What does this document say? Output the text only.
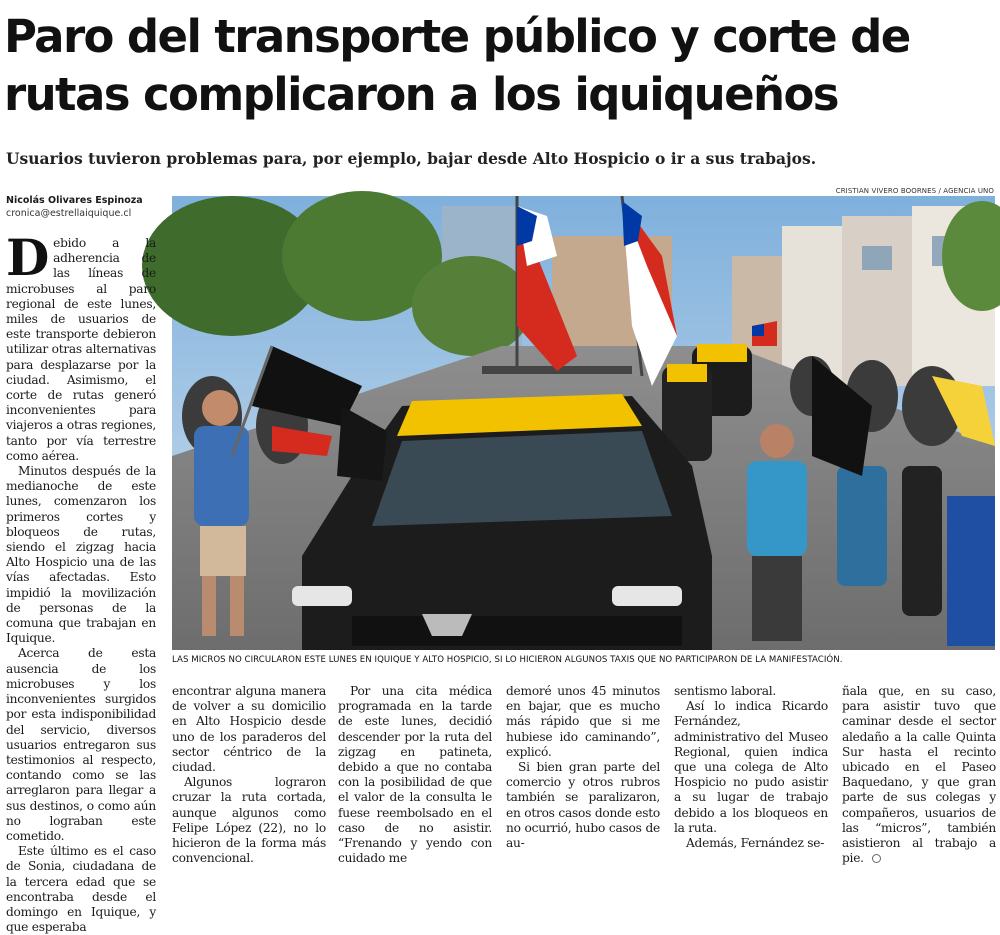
Paro del transporte público y corte de rutas complicaron a los iquiqueños
Usuarios tuvieron problemas para, por ejemplo, bajar desde Alto Hospicio o ir a sus trabajos.
Nicolás Olivares Espinoza
cronica@estrellaiquique.cl
CRISTIAN VIVERO BOORNES / AGENCIA UNO
LAS MICROS NO CIRCULARON ESTE LUNES EN IQUIQUE Y ALTO HOSPICIO, SI LO HICIERON ALGUNOS TAXIS QUE NO PARTICIPARON DE LA MANIFESTACIÓN.

Debido a la adherencia de las líneas de microbuses al paro regional de este lunes, miles de usuarios de este transporte debieron utilizar otras alternativas para desplazarse por la ciudad. Asimismo, el corte de rutas generó inconvenientes para viajeros a otras regiones, tanto por vía terrestre como aérea.

Minutos después de la medianoche de este lunes, comenzaron los primeros cortes y bloqueos de rutas, siendo el zigzag hacia Alto Hospicio una de las vías afectadas. Esto impidió la movilización de personas de la comuna que trabajan en Iquique.

Acerca de esta ausencia de los microbuses y los inconvenientes surgidos por esta indisponibilidad del servicio, diversos usuarios entregaron sus testimonios al respecto, contando como se las arreglaron para llegar a sus destinos, o como aún no lograban este cometido.

Este último es el caso de Sonia, ciudadana de la tercera edad que se encontraba desde el domingo en Iquique, y que esperaba

encontrar alguna manera de volver a su domicilio en Alto Hospicio desde uno de los paraderos del sector céntrico de la ciudad.

Algunos lograron cruzar la ruta cortada, aunque algunos como Felipe López (22), no lo hicieron de la forma más convencional.

Por una cita médica programada en la tarde de este lunes, decidió descender por la ruta del zigzag en patineta, debido a que no contaba con la posibilidad de que el valor de la consulta le fuese reembolsado en el caso de no asistir. “Frenando y yendo con cuidado me

demoré unos 45 minutos en bajar, que es mucho más rápido que si me hubiese ido caminando”, explicó.

Si bien gran parte del comercio y otros rubros también se paralizaron, en otros casos donde esto no ocurrió, hubo casos de au-

sentismo laboral.

Así lo indica Ricardo Fernández, administrativo del Museo Regional, quien indica que una colega de Alto Hospicio no pudo asistir a su lugar de trabajo debido a los bloqueos en la ruta.

Además, Fernández se-

ñala que, en su caso, para asistir tuvo que caminar desde el sector aledaño a la calle Quinta Sur hasta el recinto ubicado en el Paseo Baquedano, y que gran parte de sus colegas y compañeros, usuarios de las “micros”, también asistieron al trabajo a pie.
